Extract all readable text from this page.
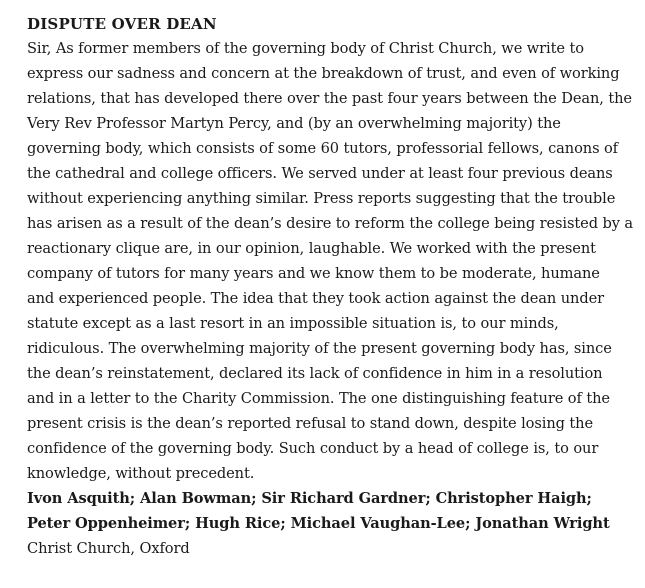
DISPUTE OVER DEAN
Sir, As former members of the governing body of Christ Church, we write to
express our sadness and concern at the breakdown of trust, and even of working
relations, that has developed there over the past four years between the Dean, the
Very Rev Professor Martyn Percy, and (by an overwhelming majority) the
governing body, which consists of some 60 tutors, professorial fellows, canons of
the cathedral and college officers. We served under at least four previous deans
without experiencing anything similar. Press reports suggesting that the trouble
has arisen as a result of the dean’s desire to reform the college being resisted by a
reactionary clique are, in our opinion, laughable. We worked with the present
company of tutors for many years and we know them to be moderate, humane
and experienced people. The idea that they took action against the dean under
statute except as a last resort in an impossible situation is, to our minds,
ridiculous. The overwhelming majority of the present governing body has, since
the dean’s reinstatement, declared its lack of confidence in him in a resolution
and in a letter to the Charity Commission. The one distinguishing feature of the
present crisis is the dean’s reported refusal to stand down, despite losing the
confidence of the governing body. Such conduct by a head of college is, to our
knowledge, without precedent.
Ivon Asquith; Alan Bowman; Sir Richard Gardner; Christopher Haigh;
Peter Oppenheimer; Hugh Rice; Michael Vaughan-Lee; Jonathan Wright
Christ Church, Oxford
